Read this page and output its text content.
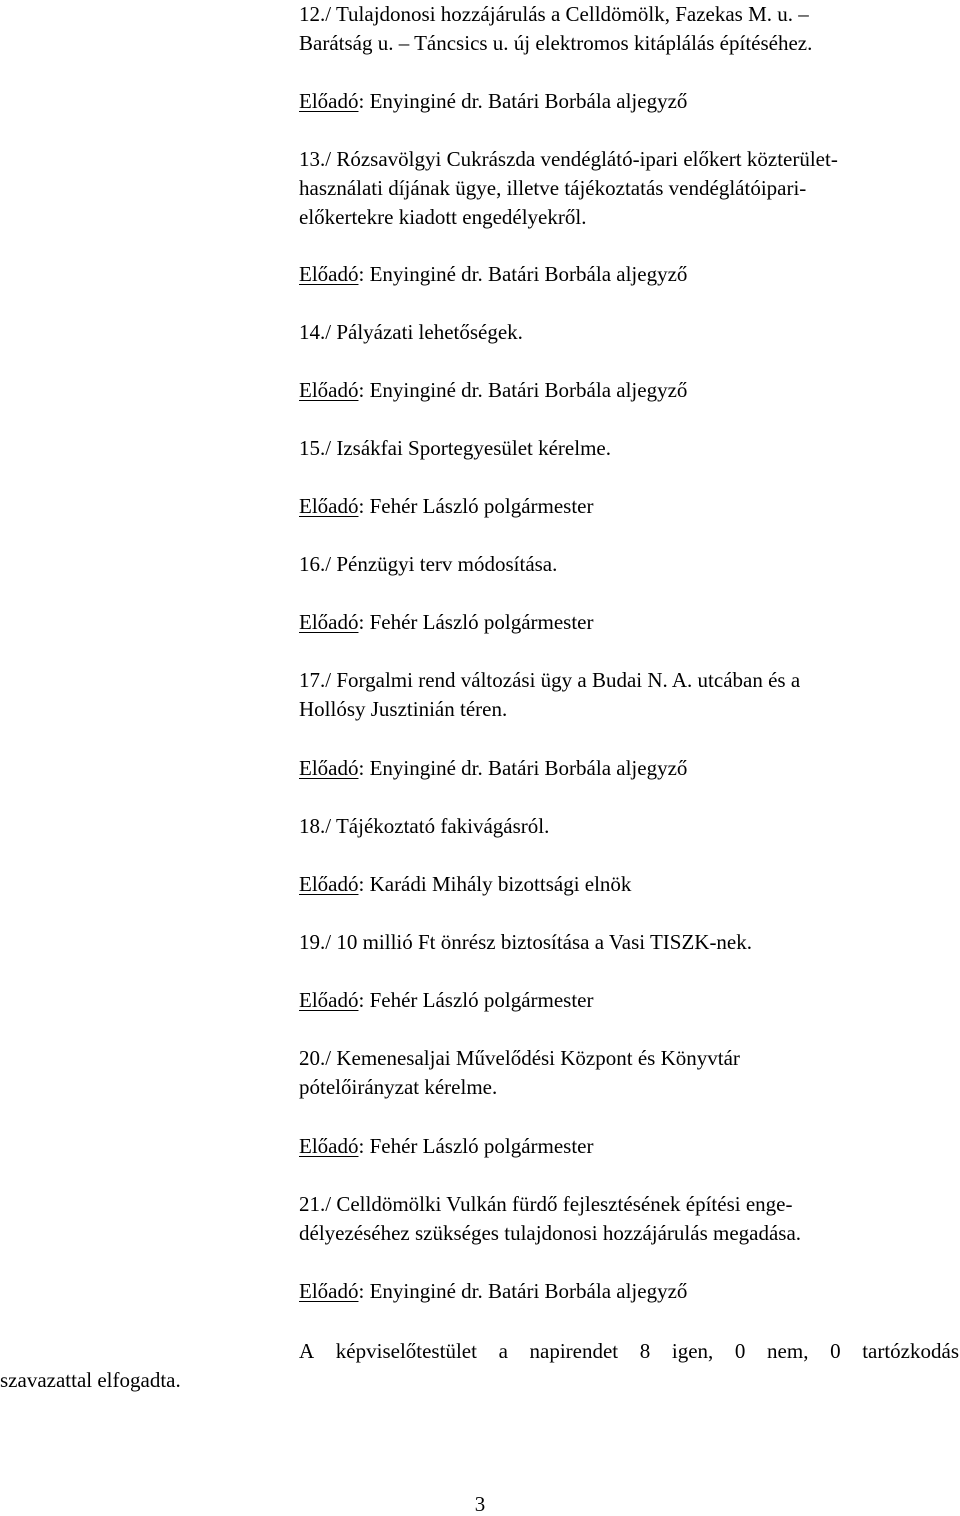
12./ Tulajdonosi hozzájárulás a Celldömölk, Fazekas M. u. –
Barátság u. – Táncsics u. új elektromos kitáplálás építéséhez.
Előadó: Enyinginé dr. Batári Borbála aljegyző
13./ Rózsavölgyi Cukrászda vendéglátó-ipari előkert közterület-
használati díjának ügye, illetve tájékoztatás vendéglátóipari-
előkertekre kiadott engedélyekről.
Előadó: Enyinginé dr. Batári Borbála aljegyző
14./ Pályázati lehetőségek.
Előadó: Enyinginé dr. Batári Borbála aljegyző
15./ Izsákfai Sportegyesület kérelme.
Előadó: Fehér László polgármester
16./ Pénzügyi terv módosítása.
Előadó: Fehér László polgármester
17./ Forgalmi rend változási ügy a Budai N. A. utcában és a
Hollósy Jusztinián téren.
Előadó: Enyinginé dr. Batári Borbála aljegyző
18./ Tájékoztató fakivágásról.
Előadó: Karádi Mihály bizottsági elnök
19./ 10 millió Ft önrész biztosítása a Vasi TISZK-nek.
Előadó: Fehér László polgármester
20./ Kemenesaljai Művelődési Központ és Könyvtár
pótelőirányzat kérelme.
Előadó: Fehér László polgármester
21./ Celldömölki Vulkán fürdő fejlesztésének építési enge-
délyezéséhez szükséges tulajdonosi hozzájárulás megadása.
Előadó: Enyinginé dr. Batári Borbála aljegyző
A képviselőtestület a napirendet 8 igen, 0 nem, 0 tartózkodás
szavazattal elfogadta.
3
